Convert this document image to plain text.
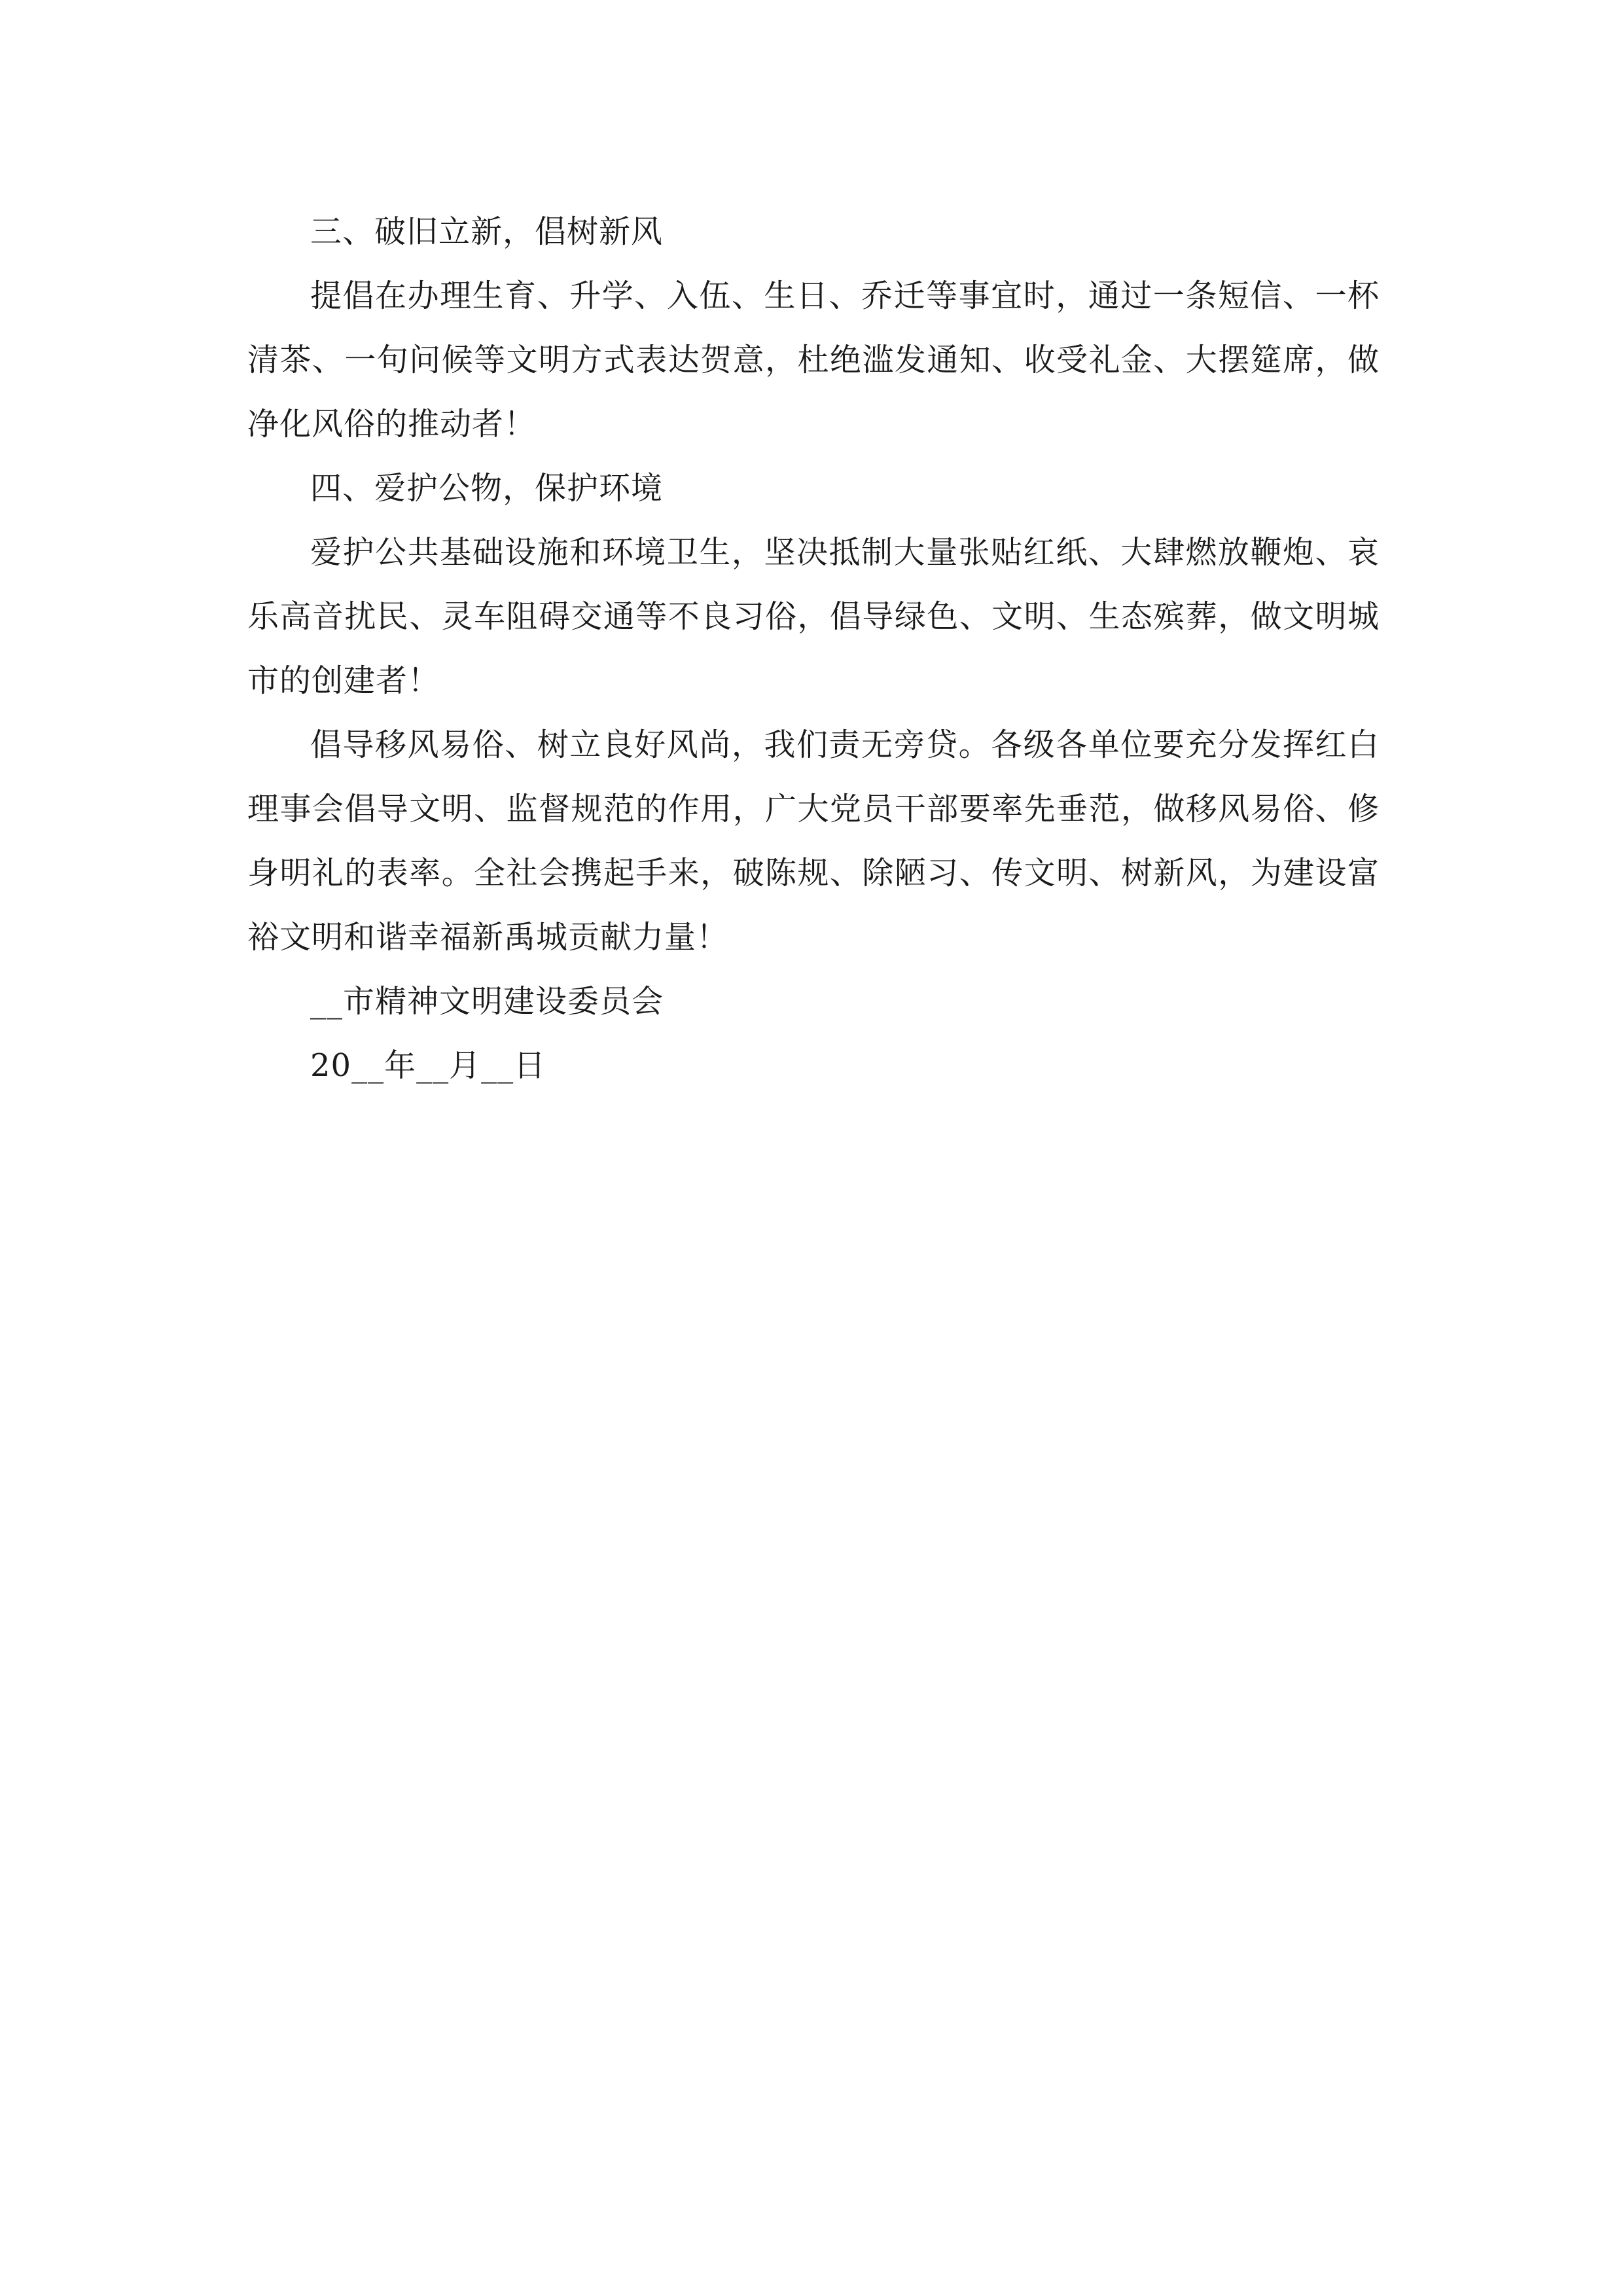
三、破旧立新，倡树新风

提倡在办理生育、升学、入伍、生日、乔迁等事宜时，通过一条短信、一杯清茶、一句问候等文明方式表达贺意，杜绝滥发通知、收受礼金、大摆筵席，做净化风俗的推动者！

四、爱护公物，保护环境

爱护公共基础设施和环境卫生，坚决抵制大量张贴红纸、大肆燃放鞭炮、哀乐高音扰民、灵车阻碍交通等不良习俗，倡导绿色、文明、生态殡葬，做文明城市的创建者！

倡导移风易俗、树立良好风尚，我们责无旁贷。各级各单位要充分发挥红白理事会倡导文明、监督规范的作用，广大党员干部要率先垂范，做移风易俗、修身明礼的表率。全社会携起手来，破陈规、除陋习、传文明、树新风，为建设富裕文明和谐幸福新禹城贡献力量！

__市精神文明建设委员会

20__年__月__日
